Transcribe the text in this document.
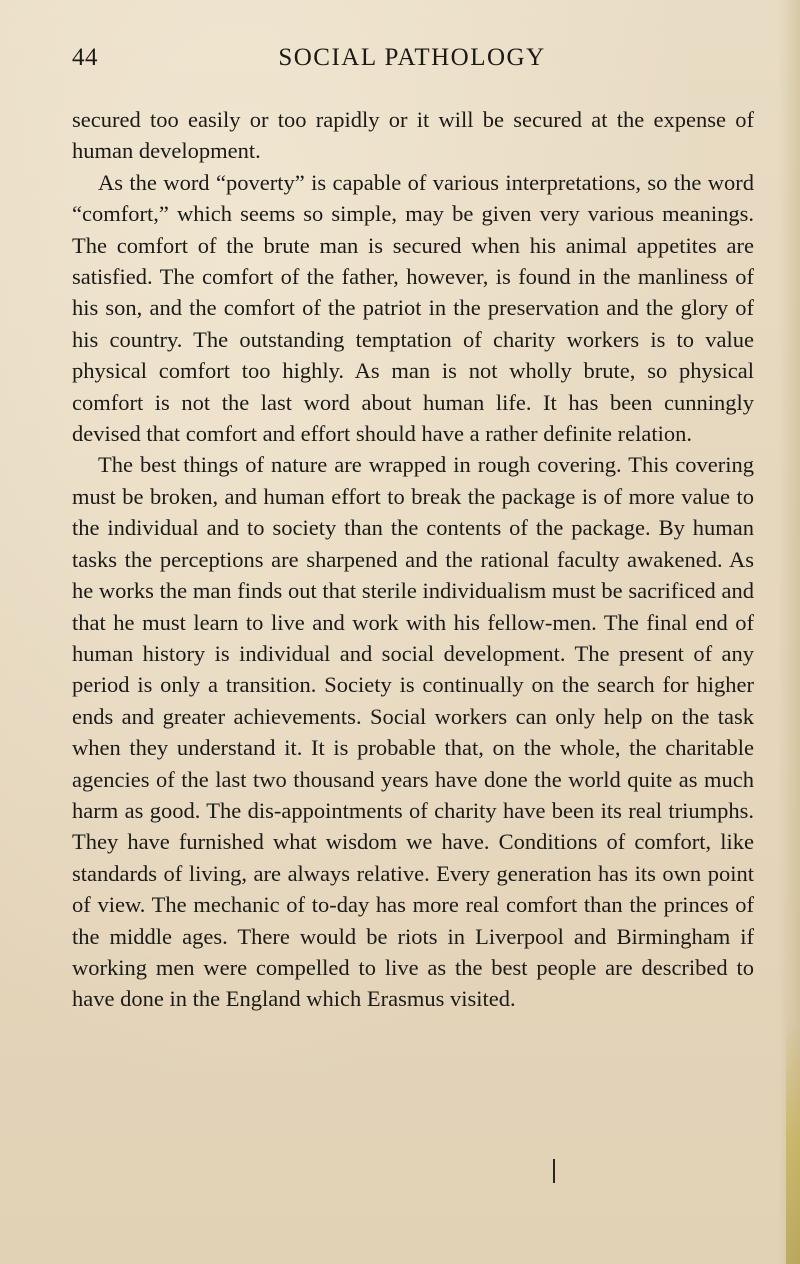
44	SOCIAL PATHOLOGY

secured too easily or too rapidly or it will be secured at the expense of human development.

As the word “poverty” is capable of various interpretations, so the word “comfort,” which seems so simple, may be given very various meanings. The comfort of the brute man is secured when his animal appetites are satisfied. The comfort of the father, however, is found in the manliness of his son, and the comfort of the patriot in the preservation and the glory of his country. The outstanding temptation of charity workers is to value physical comfort too highly. As man is not wholly brute, so physical comfort is not the last word about human life. It has been cunningly devised that comfort and effort should have a rather definite relation.

The best things of nature are wrapped in rough covering. This covering must be broken, and human effort to break the package is of more value to the individual and to society than the contents of the package. By human tasks the perceptions are sharpened and the rational faculty awakened. As he works the man finds out that sterile individualism must be sacrificed and that he must learn to live and work with his fellow-men. The final end of human history is individual and social development. The present of any period is only a transition. Society is continually on the search for higher ends and greater achievements. Social workers can only help on the task when they understand it. It is probable that, on the whole, the charitable agencies of the last two thousand years have done the world quite as much harm as good. The dis-appointments of charity have been its real triumphs. They have furnished what wisdom we have. Conditions of comfort, like standards of living, are always relative. Every generation has its own point of view. The mechanic of to-day has more real comfort than the princes of the middle ages. There would be riots in Liverpool and Birmingham if working men were compelled to live as the best people are described to have done in the England which Erasmus visited.
